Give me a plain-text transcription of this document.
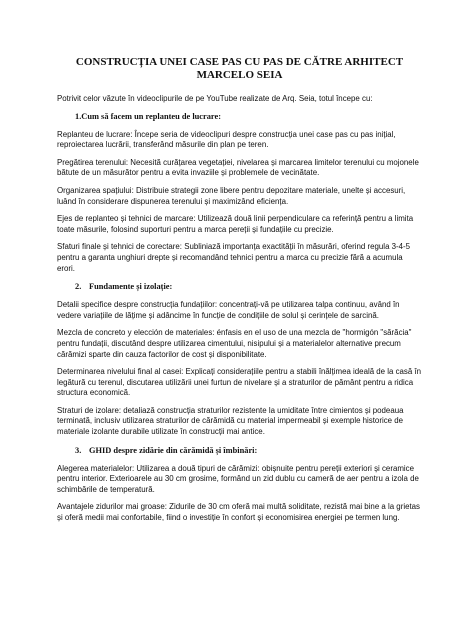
CONSTRUCȚIA UNEI CASE PAS CU PAS DE CĂTRE ARHITECT
MARCELO SEIA

Potrivit celor văzute în videoclipurile de pe YouTube realizate de Arq. Seia, totul începe cu:

1.Cum să facem un replanteu de lucrare:

Replanteu de lucrare: Începe seria de videoclipuri despre construcția unei case pas cu pas inițial, reproiectarea lucrării, transferând măsurile din plan pe teren.

Pregătirea terenului: Necesită curățarea vegetației, nivelarea și marcarea limitelor terenului cu mojonele bătute de un măsurător pentru a evita invaziile și problemele de vecinătate.

Organizarea spațiului: Distribuie strategii zone libere pentru depozitare materiale, unelte și accesuri, luând în considerare dispunerea terenului și maximizând eficiența.

Ejes de replanteo și tehnici de marcare: Utilizează două linii perpendiculare ca referință pentru a limita toate măsurile, folosind suporturi pentru a marca pereții și fundațiile cu precizie.

Sfaturi finale și tehnici de corectare: Subliniază importanța exactității în măsurări, oferind regula 3-4-5 pentru a garanta unghiuri drepte și recomandând tehnici pentru a marca cu precizie fără a acumula erori.

2. Fundamente și izolație:

Detalii specifice despre construcția fundațiilor: concentrați-vă pe utilizarea talpa continuu, având în vedere variațiile de lățime și adâncime în funcție de condițiile de solul și cerințele de sarcină.

Mezcla de concreto y elección de materiales: énfasis en el uso de una mezcla de "hormigón "sărăcia" pentru fundații, discutând despre utilizarea cimentului, nisipului și a materialelor alternative precum cărămizi sparte din cauza factorilor de cost și disponibilitate.

Determinarea nivelului final al casei: Explicați considerațiile pentru a stabili înălțimea ideală de la casă în legătură cu terenul, discutarea utilizării unei furtun de nivelare și a straturilor de pământ pentru a ridica structura economică.

Straturi de izolare: detaliază construcția straturilor rezistente la umiditate între cimientos și podeaua terminată, inclusiv utilizarea straturilor de cărămidă cu material impermeabil și exemple historice de materiale izolante durabile utilizate în construcții mai antice.

3. GHID despre zidărie din cărămidă și îmbinări:

Alegerea materialelor: Utilizarea a două tipuri de cărămizi: obișnuite pentru pereții exteriori și ceramice pentru interior. Exterioarele au 30 cm grosime, formând un zid dublu cu cameră de aer pentru a izola de schimbările de temperatură.

Avantajele zidurilor mai groase: Zidurile de 30 cm oferă mai multă soliditate, rezistă mai bine a la grietas și oferă medii mai confortabile, fiind o investiție în confort și economisirea energiei pe termen lung.
